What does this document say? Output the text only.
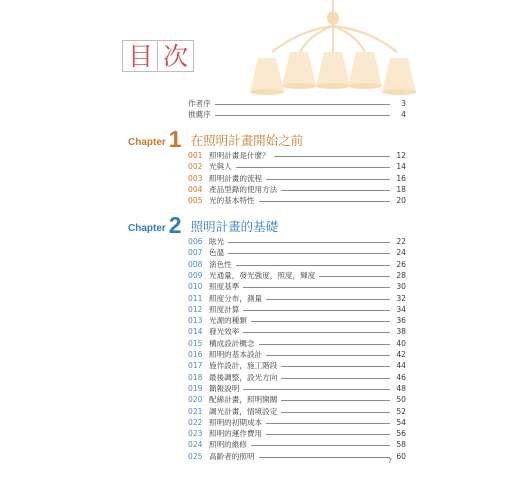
目 次
作者序	3
推薦序	4
Chapter 1 在照明計畫開始之前
001 照明計畫是什麼？	12
002 光與人	14
003 照明計畫的流程	16
004 產品型錄的使用方法	18
005 光的基本特性	20
Chapter 2 照明計畫的基礎
006 眩光	22
007 色溫	24
008 演色性	26
009 光通量，發光強度，照度，輝度	28
010 照度基準	30
011 照度分布，測量	32
012 照度計算	34
013 光源的種類	36
014 發光效率	38
015 構成設計概念	40
016 照明的基本設計	42
017 施作設計，施工階段	44
018 最後調整，設光方向	46
019 簡報說明	48
020 配線計畫，照明開關	50
021 調光計畫，情境設定	52
022 照明的初期成本	54
023 照明的運作費用	56
024 照明的維修	58
025 高齡者的照明	60
7
